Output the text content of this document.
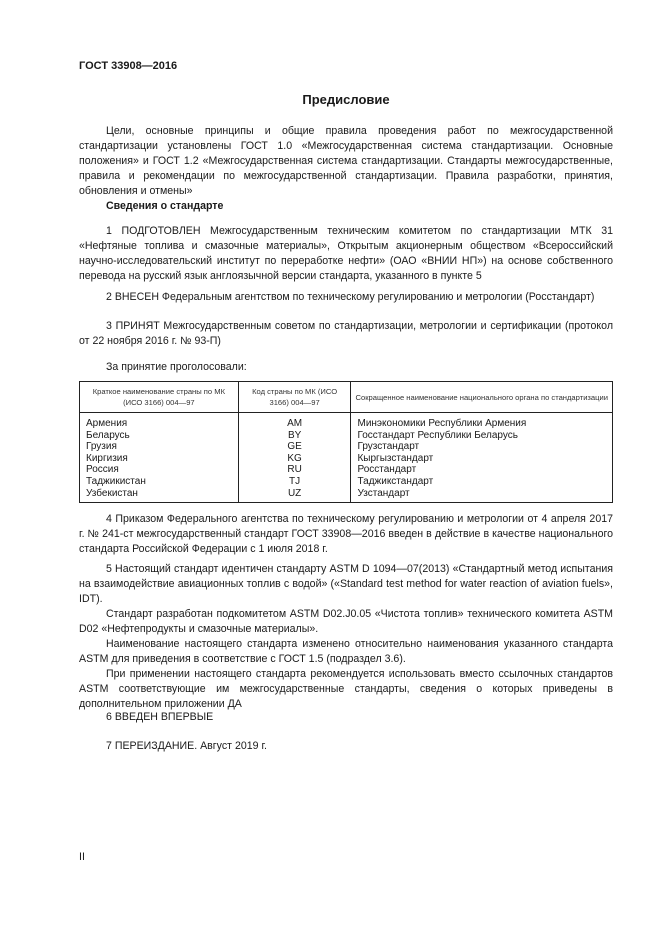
ГОСТ 33908—2016
Предисловие

Цели, основные принципы и общие правила проведения работ по межгосударственной стандартизации установлены ГОСТ 1.0 «Межгосударственная система стандартизации. Основные положения» и ГОСТ 1.2 «Межгосударственная система стандартизации. Стандарты межгосударственные, правила и рекомендации по межгосударственной стандартизации. Правила разработки, принятия, обновления и отмены»

Сведения о стандарте

1 ПОДГОТОВЛЕН Межгосударственным техническим комитетом по стандартизации МТК 31 «Нефтяные топлива и смазочные материалы», Открытым акционерным обществом «Всероссийский научно-исследовательский институт по переработке нефти» (ОАО «ВНИИ НП») на основе собственного перевода на русский язык англоязычной версии стандарта, указанного в пункте 5

2 ВНЕСЕН Федеральным агентством по техническому регулированию и метрологии (Росстандарт)

3 ПРИНЯТ Межгосударственным советом по стандартизации, метрологии и сертификации (протокол от 22 ноября 2016 г. № 93-П)

За принятие проголосовали:
Краткое наименование страны по МК (ИСО 3166) 004—97	Код страны по МК (ИСО 3166) 004—97	Сокращенное наименование национального органа по стандартизации
Армения	AM	Минэкономики Республики Армения
Беларусь	BY	Госстандарт Республики Беларусь
Грузия	GE	Грузстандарт
Киргизия	KG	Кыргызстандарт
Россия	RU	Росстандарт
Таджикистан	TJ	Таджикстандарт
Узбекистан	UZ	Узстандарт

4 Приказом Федерального агентства по техническому регулированию и метрологии от 4 апреля 2017 г. № 241-ст межгосударственный стандарт ГОСТ 33908—2016 введен в действие в качестве национального стандарта Российской Федерации с 1 июля 2018 г.

5 Настоящий стандарт идентичен стандарту ASTM D 1094—07(2013) «Стандартный метод испытания на взаимодействие авиационных топлив с водой» («Standard test method for water reaction of aviation fuels», IDT).

Стандарт разработан подкомитетом ASTM D02.J0.05 «Чистота топлив» технического комитета ASTM D02 «Нефтепродукты и смазочные материалы».

Наименование настоящего стандарта изменено относительно наименования указанного стандарта ASTM для приведения в соответствие с ГОСТ 1.5 (подраздел 3.6).

При применении настоящего стандарта рекомендуется использовать вместо ссылочных стандартов ASTM соответствующие им межгосударственные стандарты, сведения о которых приведены в дополнительном приложении ДА

6 ВВЕДЕН ВПЕРВЫЕ

7 ПЕРЕИЗДАНИЕ. Август 2019 г.

II
